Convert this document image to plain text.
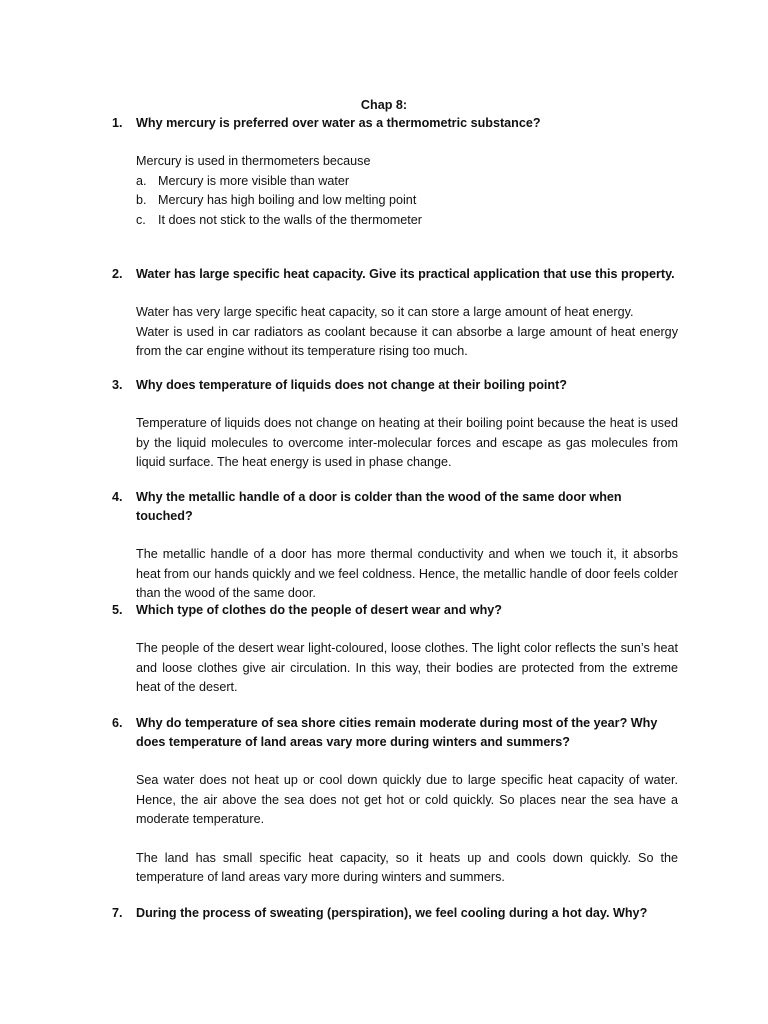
Chap 8:
1. Why mercury is preferred over water as a thermometric substance?
Mercury is used in thermometers because
a. Mercury is more visible than water
b. Mercury has high boiling and low melting point
c. It does not stick to the walls of the thermometer
2. Water has large specific heat capacity. Give its practical application that use this property.
Water has very large specific heat capacity, so it can store a large amount of heat energy.
Water is used in car radiators as coolant because it can absorbe a large amount of heat energy from the car engine without its temperature rising too much.
3. Why does temperature of liquids does not change at their boiling point?
Temperature of liquids does not change on heating at their boiling point because the heat is used by the liquid molecules to overcome inter-molecular forces and escape as gas molecules from liquid surface. The heat energy is used in phase change.
4. Why the metallic handle of a door is colder than the wood of the same door when touched?
The metallic handle of a door has more thermal conductivity and when we touch it, it absorbs heat from our hands quickly and we feel coldness. Hence, the metallic handle of door feels colder than the wood of the same door.
5. Which type of clothes do the people of desert wear and why?
The people of the desert wear light-coloured, loose clothes. The light color reflects the sun’s heat and loose clothes give air circulation. In this way, their bodies are protected from the extreme heat of the desert.
6. Why do temperature of sea shore cities remain moderate during most of the year? Why does temperature of land areas vary more during winters and summers?
Sea water does not heat up or cool down quickly due to large specific heat capacity of water. Hence, the air above the sea does not get hot or cold quickly. So places near the sea have a moderate temperature.
The land has small specific heat capacity, so it heats up and cools down quickly. So the temperature of land areas vary more during winters and summers.
7. During the process of sweating (perspiration), we feel cooling during a hot day. Why?
